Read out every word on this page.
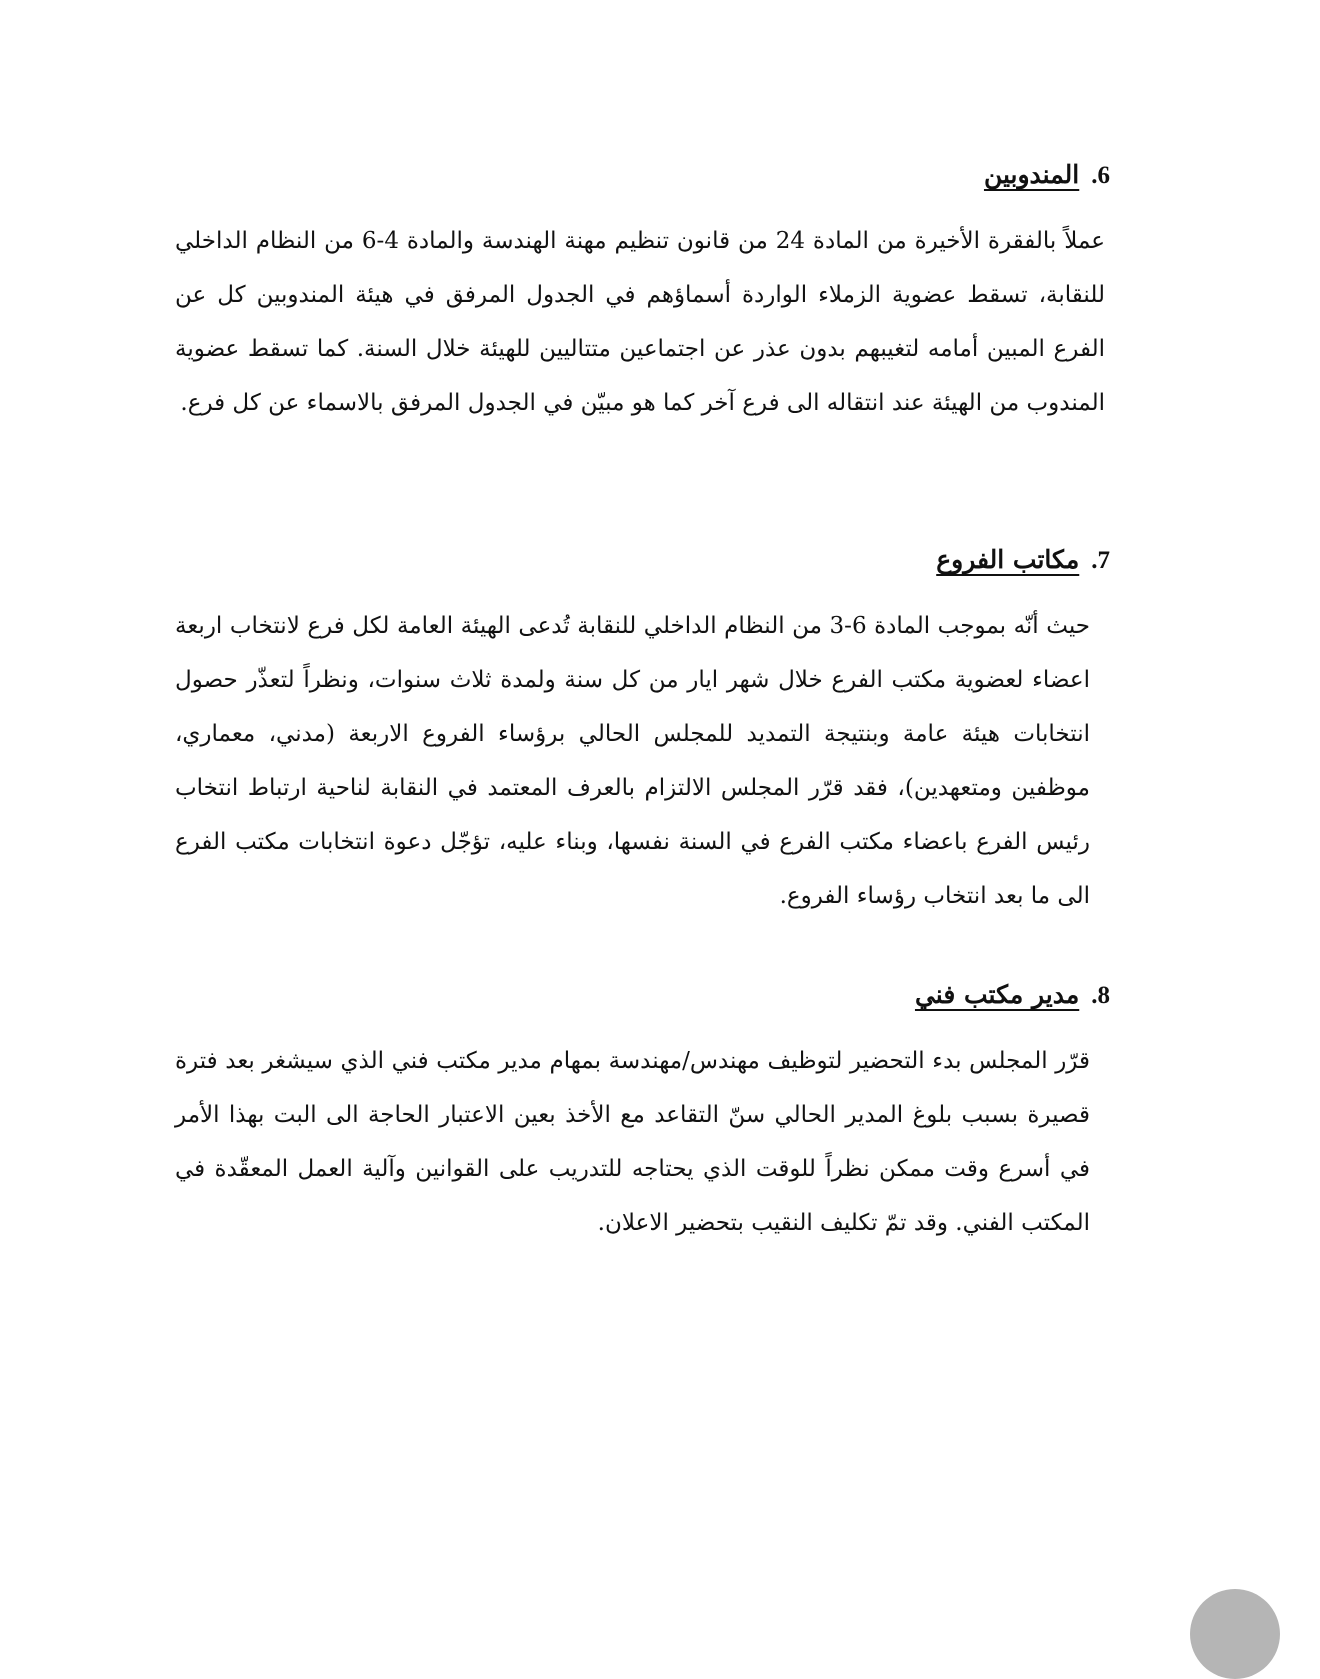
6.
المندوبين

عملاً بالفقرة الأخيرة من المادة 24 من قانون تنظيم مهنة الهندسة والمادة 4-6 من النظام الداخلي للنقابة، تسقط عضوية الزملاء الواردة أسماؤهم في الجدول المرفق في هيئة المندوبين كل عن الفرع المبين أمامه لتغيبهم بدون عذر عن اجتماعين متتاليين للهيئة خلال السنة. كما تسقط عضوية المندوب من الهيئة عند انتقاله الى فرع آخر كما هو مبيّن في الجدول المرفق بالاسماء عن كل فرع.

7.
مكاتب الفروع

حيث أنّه بموجب المادة 6-3 من النظام الداخلي للنقابة تُدعى الهيئة العامة لكل فرع لانتخاب اربعة اعضاء لعضوية مكتب الفرع خلال شهر ايار من كل سنة ولمدة ثلاث سنوات، ونظراً لتعذّر حصول انتخابات هيئة عامة وبنتيجة التمديد للمجلس الحالي برؤساء الفروع الاربعة (مدني، معماري، موظفين ومتعهدين)، فقد قرّر المجلس الالتزام بالعرف المعتمد في النقابة لناحية ارتباط انتخاب رئيس الفرع باعضاء مكتب الفرع في السنة نفسها، وبناء عليه، تؤجّل دعوة انتخابات مكتب الفرع الى ما بعد انتخاب رؤساء الفروع.

8.
مدير مكتب فني

قرّر المجلس بدء التحضير لتوظيف مهندس/مهندسة بمهام مدير مكتب فني الذي سيشغر بعد فترة قصيرة بسبب بلوغ المدير الحالي سنّ التقاعد مع الأخذ بعين الاعتبار الحاجة الى البت بهذا الأمر في أسرع وقت ممكن نظراً للوقت الذي يحتاجه للتدريب على القوانين وآلية العمل المعقّدة في المكتب الفني. وقد تمّ تكليف النقيب بتحضير الاعلان.
